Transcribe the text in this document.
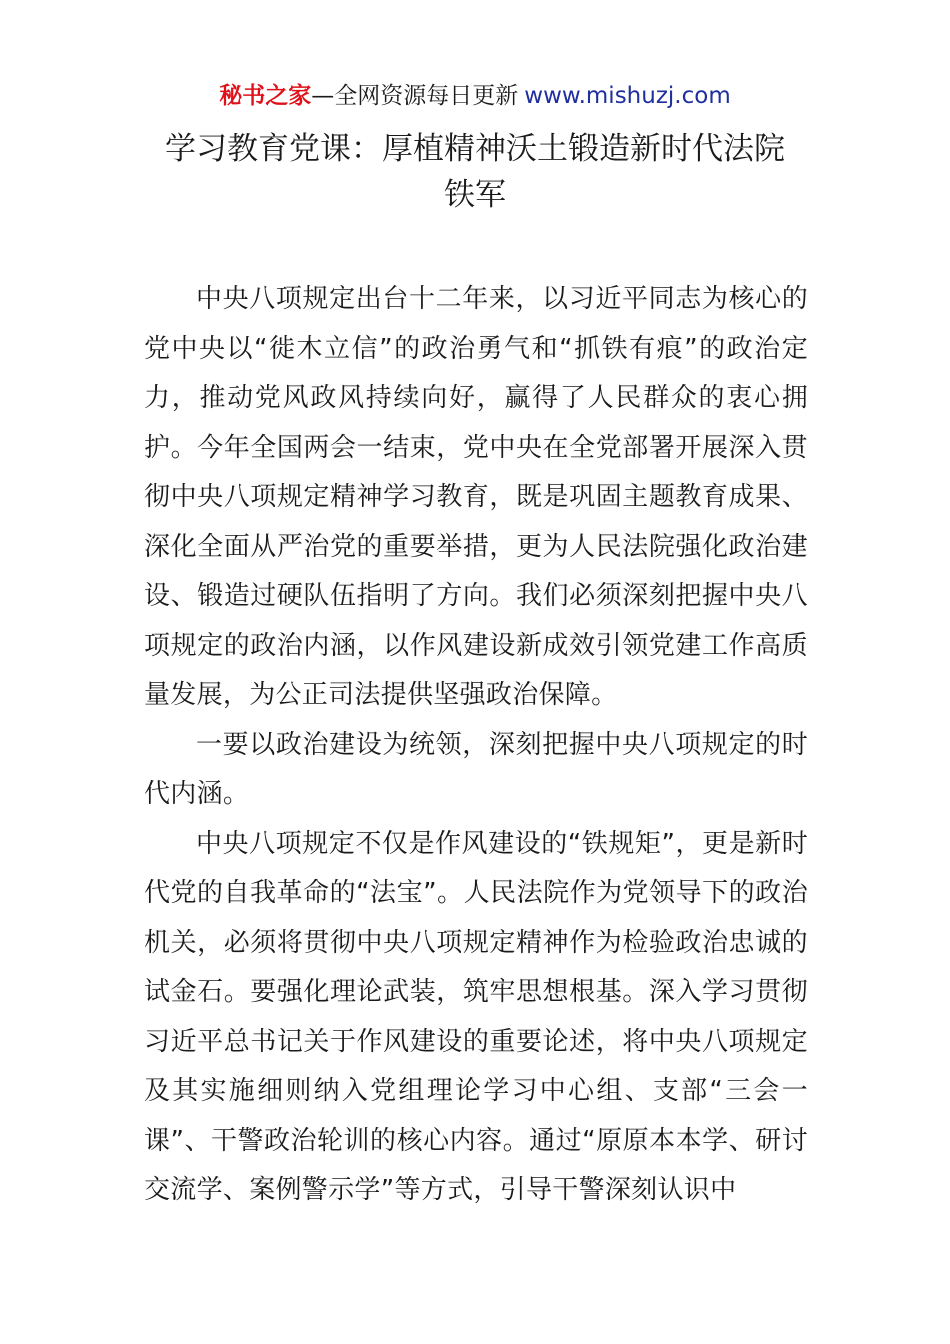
秘书之家—全网资源每日更新 www.mishuzj.com
学习教育党课：厚植精神沃土锻造新时代法院
铁军

中央八项规定出台十二年来，以习近平同志为核心的党中央以“徙木立信”的政治勇气和“抓铁有痕”的政治定力，推动党风政风持续向好，赢得了人民群众的衷心拥护。今年全国两会一结束，党中央在全党部署开展深入贯彻中央八项规定精神学习教育，既是巩固主题教育成果、深化全面从严治党的重要举措，更为人民法院强化政治建设、锻造过硬队伍指明了方向。我们必须深刻把握中央八项规定的政治内涵，以作风建设新成效引领党建工作高质量发展，为公正司法提供坚强政治保障。

一要以政治建设为统领，深刻把握中央八项规定的时代内涵。

中央八项规定不仅是作风建设的“铁规矩”，更是新时代党的自我革命的“法宝”。人民法院作为党领导下的政治机关，必须将贯彻中央八项规定精神作为检验政治忠诚的试金石。要强化理论武装，筑牢思想根基。深入学习贯彻习近平总书记关于作风建设的重要论述，将中央八项规定及其实施细则纳入党组理论学习中心组、支部“三会一课”、干警政治轮训的核心内容。通过“原原本本学、研讨交流学、案例警示学”等方式，引导干警深刻认识中
